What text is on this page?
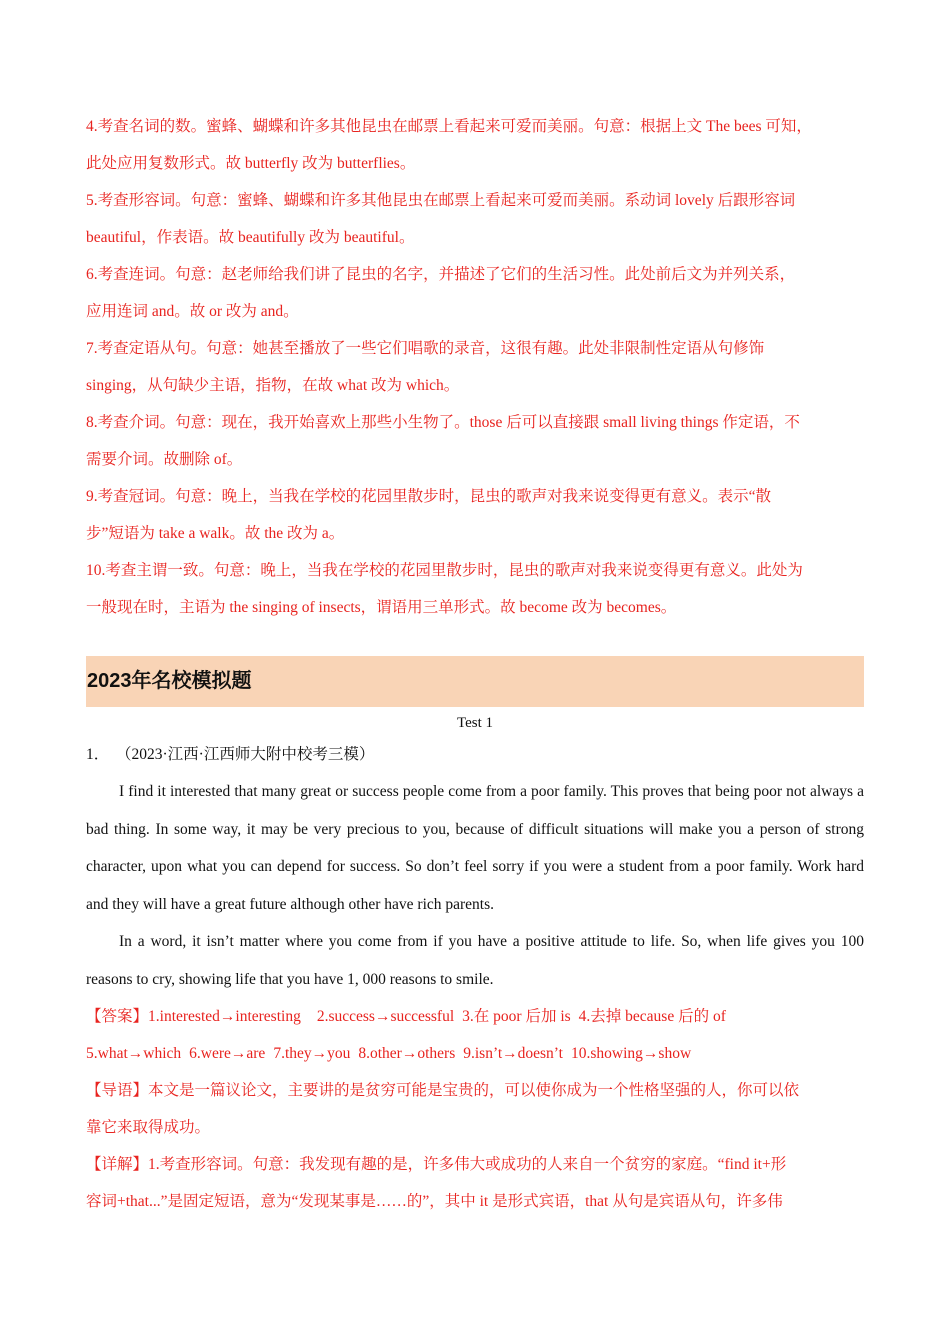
4.考查名词的数。蜜蜂、蝴蝶和许多其他昆虫在邮票上看起来可爱而美丽。句意：根据上文 The bees 可知，
此处应用复数形式。故 butterfly 改为 butterflies。
5.考查形容词。句意：蜜蜂、蝴蝶和许多其他昆虫在邮票上看起来可爱而美丽。系动词 lovely 后跟形容词
beautiful，作表语。故 beautifully 改为 beautiful。
6.考查连词。句意：赵老师给我们讲了昆虫的名字，并描述了它们的生活习性。此处前后文为并列关系，
应用连词 and。故 or 改为 and。
7.考查定语从句。句意：她甚至播放了一些它们唱歌的录音，这很有趣。此处非限制性定语从句修饰
singing，从句缺少主语，指物，在故 what 改为 which。
8.考查介词。句意：现在，我开始喜欢上那些小生物了。those 后可以直接跟 small living things 作定语，不
需要介词。故删除 of。
9.考查冠词。句意：晚上，当我在学校的花园里散步时，昆虫的歌声对我来说变得更有意义。表示“散
步”短语为 take a walk。故 the 改为 a。
10.考查主谓一致。句意：晚上，当我在学校的花园里散步时，昆虫的歌声对我来说变得更有意义。此处为
一般现在时，主语为 the singing of insects，谓语用三单形式。故 become 改为 becomes。
2023年名校模拟题
Test 1
1． （2023·江西·江西师大附中校考三模）
I find it interested that many great or success people come from a poor family. This proves that being poor not always a bad thing. In some way, it may be very precious to you, because of difficult situations will make you a person of strong character, upon what you can depend for success. So don’t feel sorry if you were a student from a poor family. Work hard and they will have a great future although other have rich parents.
In a word, it isn’t matter where you come from if you have a positive attitude to life. So, when life gives you 100 reasons to cry, showing life that you have 1, 000 reasons to smile.
【答案】1.interested→interesting 2.success→successful 3.在 poor 后加 is 4.去掉 because 后的 of
5.what→which 6.were→are 7.they→you 8.other→others 9.isn’t→doesn’t 10.showing→show
【导语】本文是一篇议论文，主要讲的是贫穷可能是宝贵的，可以使你成为一个性格坚强的人，你可以依
靠它来取得成功。
【详解】1.考查形容词。句意：我发现有趣的是，许多伟大或成功的人来自一个贫穷的家庭。“find it+形
容词+that...”是固定短语，意为“发现某事是……的”，其中 it 是形式宾语，that 从句是宾语从句，许多伟
